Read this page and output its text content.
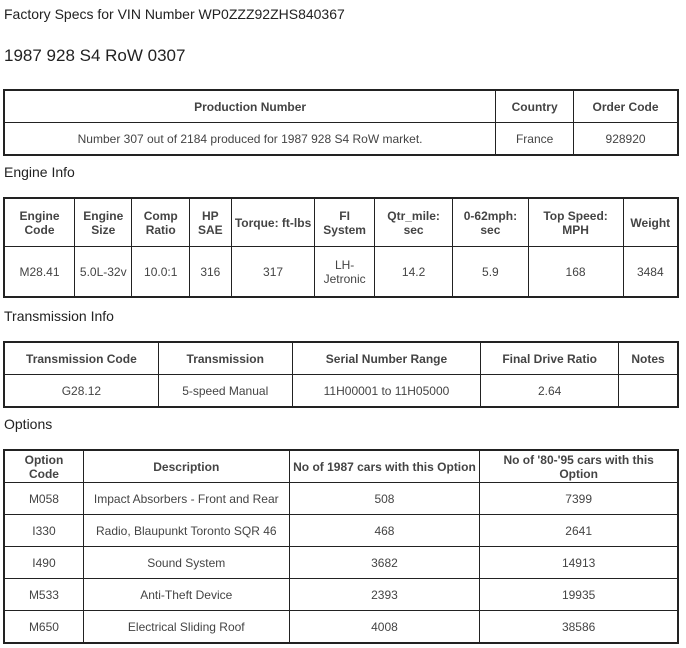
Factory Specs for VIN Number WP0ZZZ92ZHS840367
1987 928 S4 RoW 0307
Production Number	Country	Order Code
Number 307 out of 2184 produced for 1987 928 S4 RoW market.	France	928920
Engine Info
Engine Code	Engine Size	Comp Ratio	HP SAE	Torque: ft-lbs	FI System	Qtr_mile: sec	0-62mph: sec	Top Speed: MPH	Weight
M28.41	5.0L-32v	10.0:1	316	317	LH-Jetronic	14.2	5.9	168	3484
Transmission Info
Transmission Code	Transmission	Serial Number Range	Final Drive Ratio	Notes
G28.12	5-speed Manual	11H00001 to 11H05000	2.64	
Options
Option Code	Description	No of 1987 cars with this Option	No of '80-'95 cars with this Option
M058	Impact Absorbers - Front and Rear	508	7399
I330	Radio, Blaupunkt Toronto SQR 46	468	2641
I490	Sound System	3682	14913
M533	Anti-Theft Device	2393	19935
M650	Electrical Sliding Roof	4008	38586
